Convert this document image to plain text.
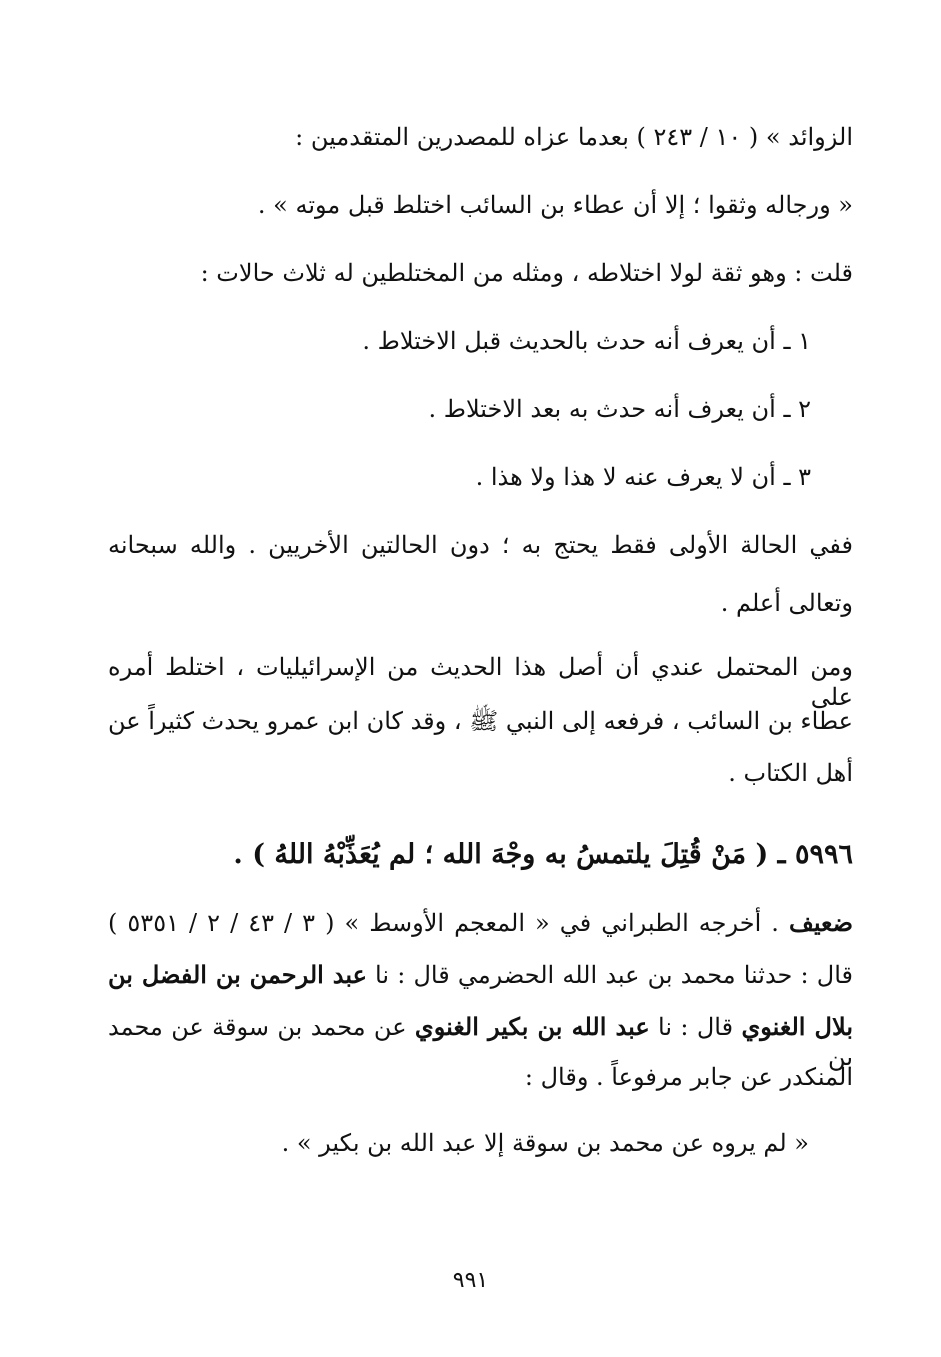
الزوائد » ( ١٠ / ٢٤٣ ) بعدما عزاه للمصدرين المتقدمين :
« ورجاله وثقوا ؛ إلا أن عطاء بن السائب اختلط قبل موته » .
قلت : وهو ثقة لولا اختلاطه ، ومثله من المختلطين له ثلاث حالات :
١ ـ أن يعرف أنه حدث بالحديث قبل الاختلاط .
٢ ـ أن يعرف أنه حدث به بعد الاختلاط .
٣ ـ أن لا يعرف عنه لا هذا ولا هذا .
ففي الحالة الأولى فقط يحتج به ؛ دون الحالتين الأخريين . والله سبحانه
وتعالى أعلم .
ومن المحتمل عندي أن أصل هذا الحديث من الإسرائيليات ، اختلط أمره على
عطاء بن السائب ، فرفعه إلى النبي ﷺ ، وقد كان ابن عمرو يحدث كثيراً عن
أهل الكتاب .
٥٩٩٦ ـ ( مَنْ قُتِلَ يلتمسُ به وجْهَ الله ؛ لم يُعَذِّبْهُ اللهُ ) .
ضعيف . أخرجه الطبراني في « المعجم الأوسط » ( ٣ / ٤٣ / ٢ / ٥٣٥١ )
قال : حدثنا محمد بن عبد الله الحضرمي قال : نا عبد الرحمن بن الفضل بن
بلال الغنوي قال : نا عبد الله بن بكير الغنوي عن محمد بن سوقة عن محمد بن
المنكدر عن جابر مرفوعاً . وقال :
« لم يروه عن محمد بن سوقة إلا عبد الله بن بكير » .
٩٩١
